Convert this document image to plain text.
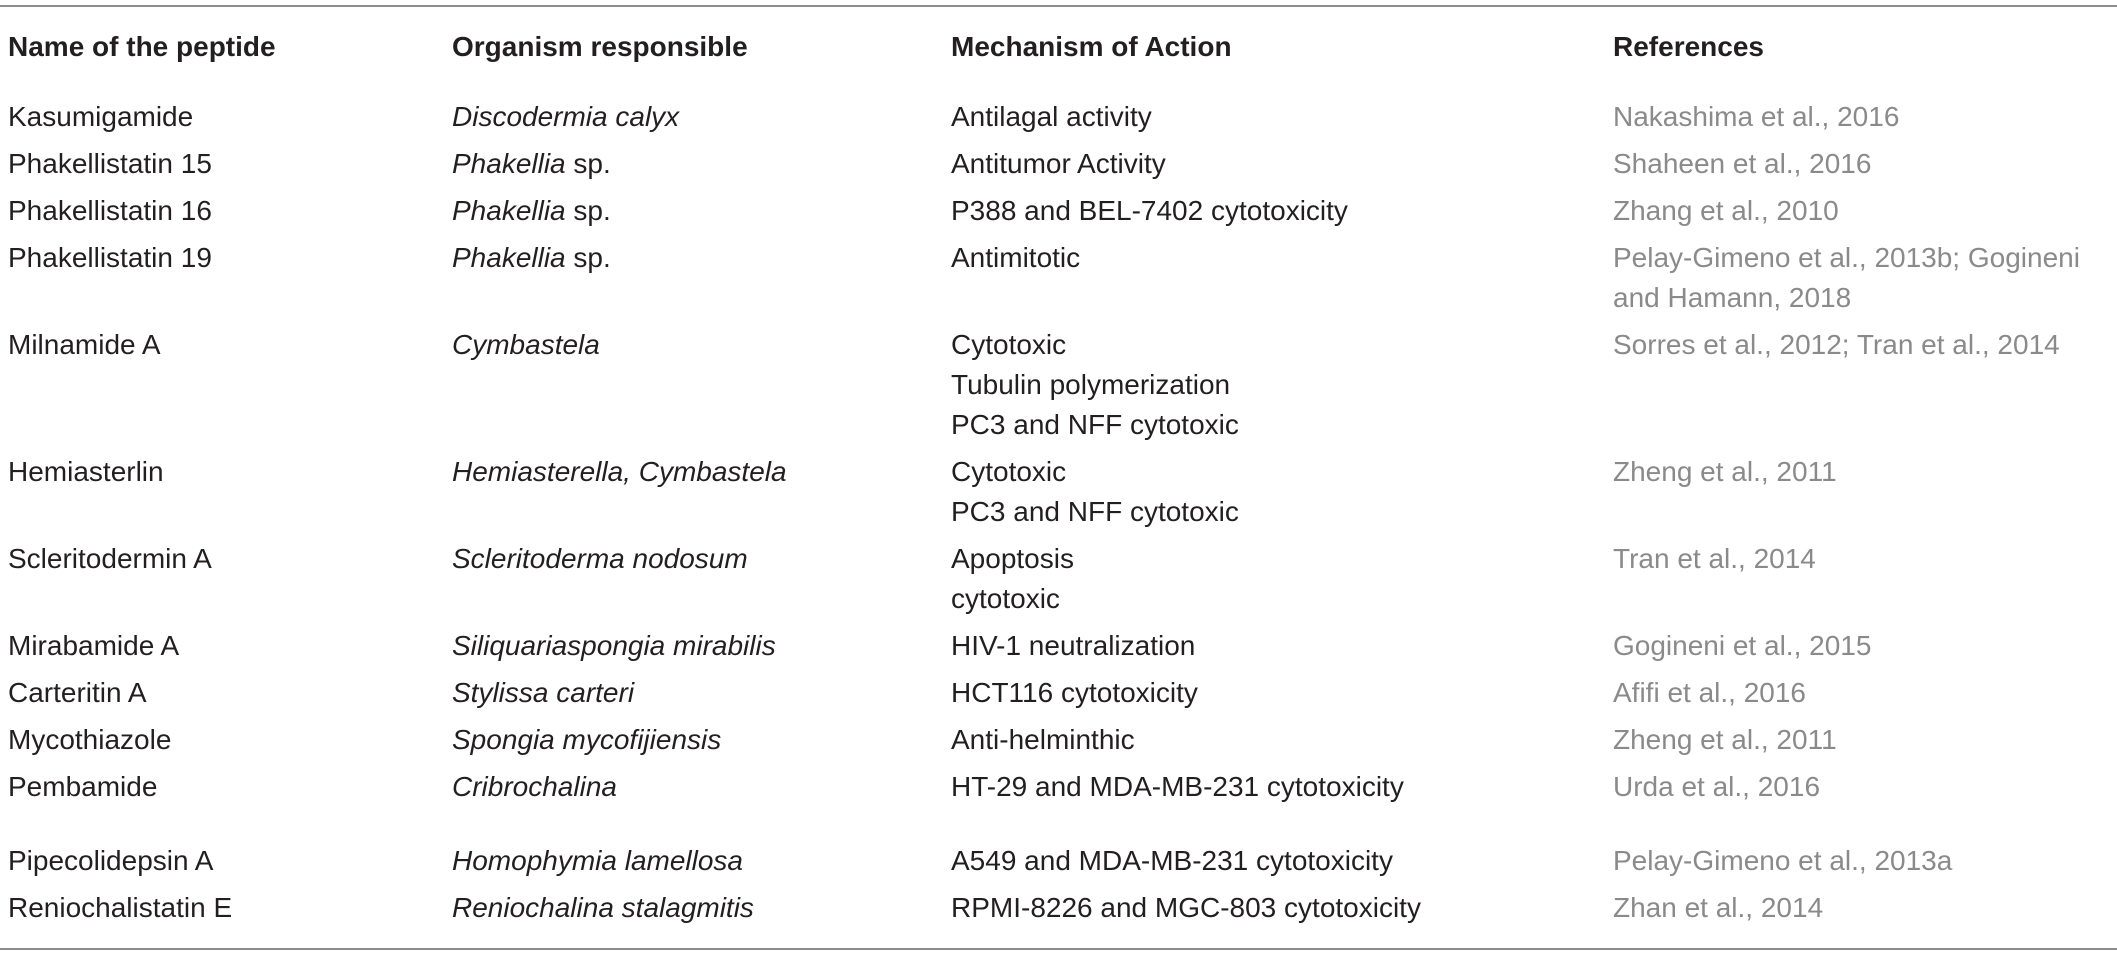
Name of the peptide	Organism responsible	Mechanism of Action	References
Kasumigamide	Discodermia calyx	Antilagal activity	Nakashima et al., 2016

Phakellistatin 15	Phakellia sp.	Antitumor Activity	Shaheen et al., 2016

Phakellistatin 16	Phakellia sp.	P388 and BEL-7402 cytotoxicity	Zhang et al., 2010

Phakellistatin 19	Phakellia sp.	Antimitotic	Pelay-Gimeno et al., 2013b; Gogineni
and Hamann, 2018

Milnamide A	Cymbastela	Cytotoxic
Tubulin polymerization
PC3 and NFF cytotoxic	Sorres et al., 2012; Tran et al., 2014

Hemiasterlin	Hemiasterella, Cymbastela	Cytotoxic
PC3 and NFF cytotoxic	Zheng et al., 2011

Scleritodermin A	Scleritoderma nodosum	Apoptosis
cytotoxic	Tran et al., 2014

Mirabamide A	Siliquariaspongia mirabilis	HIV-1 neutralization	Gogineni et al., 2015

Carteritin A	Stylissa carteri	HCT116 cytotoxicity	Afifi et al., 2016

Mycothiazole	Spongia mycofijiensis	Anti-helminthic	Zheng et al., 2011

Pembamide	Cribrochalina	HT-29 and MDA-MB-231 cytotoxicity	Urda et al., 2016

Pipecolidepsin A	Homophymia lamellosa	A549 and MDA-MB-231 cytotoxicity	Pelay-Gimeno et al., 2013a

Reniochalistatin E	Reniochalina stalagmitis	RPMI-8226 and MGC-803 cytotoxicity	Zhan et al., 2014
